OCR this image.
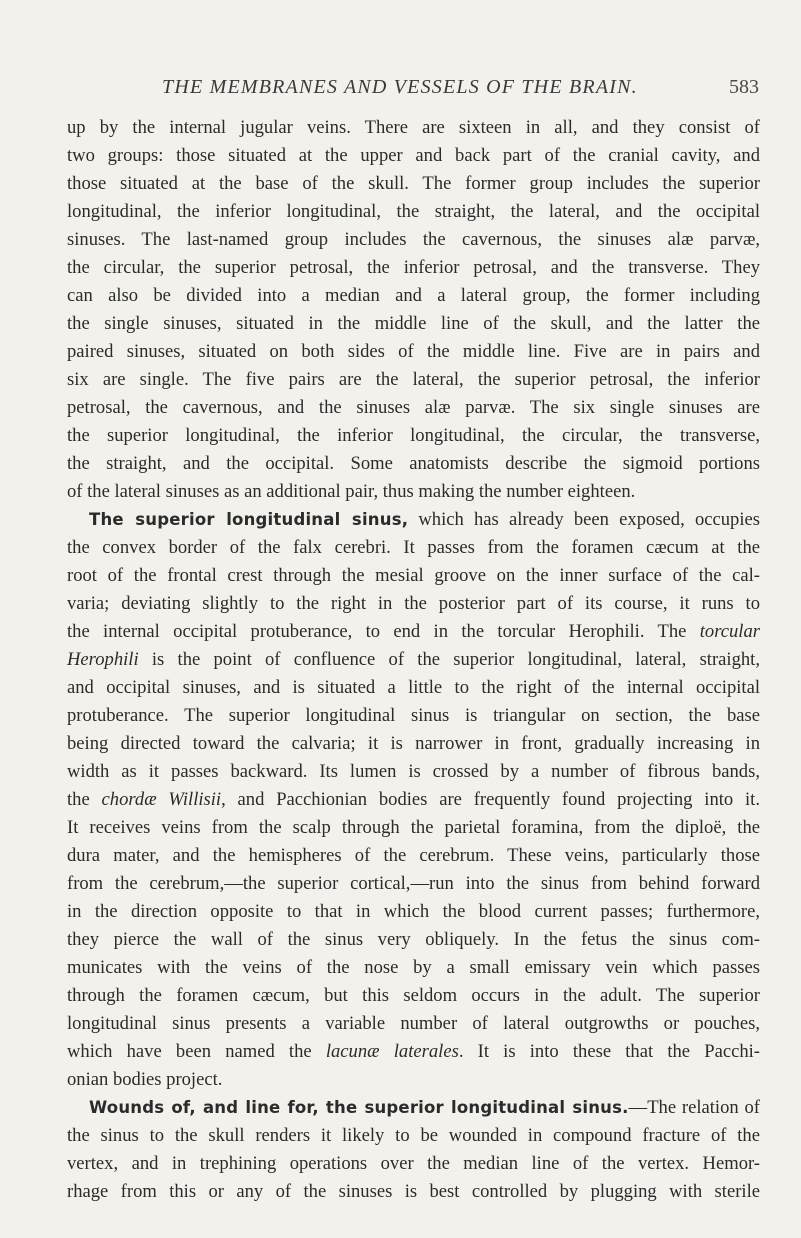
THE MEMBRANES AND VESSELS OF THE BRAIN.	583
up by the internal jugular veins. There are sixteen in all, and they consist of
two groups: those situated at the upper and back part of the cranial cavity, and
those situated at the base of the skull. The former group includes the superior
longitudinal, the inferior longitudinal, the straight, the lateral, and the occipital
sinuses. The last-named group includes the cavernous, the sinuses alæ parvæ,
the circular, the superior petrosal, the inferior petrosal, and the transverse. They
can also be divided into a median and a lateral group, the former including
the single sinuses, situated in the middle line of the skull, and the latter the
paired sinuses, situated on both sides of the middle line. Five are in pairs and
six are single. The five pairs are the lateral, the superior petrosal, the inferior
petrosal, the cavernous, and the sinuses alæ parvæ. The six single sinuses are
the superior longitudinal, the inferior longitudinal, the circular, the transverse,
the straight, and the occipital. Some anatomists describe the sigmoid portions
of the lateral sinuses as an additional pair, thus making the number eighteen.
The superior longitudinal sinus, which has already been exposed, occupies
the convex border of the falx cerebri. It passes from the foramen cæcum at the
root of the frontal crest through the mesial groove on the inner surface of the cal-
varia; deviating slightly to the right in the posterior part of its course, it runs to
the internal occipital protuberance, to end in the torcular Herophili. The torcular
Herophili is the point of confluence of the superior longitudinal, lateral, straight,
and occipital sinuses, and is situated a little to the right of the internal occipital
protuberance. The superior longitudinal sinus is triangular on section, the base
being directed toward the calvaria; it is narrower in front, gradually increasing in
width as it passes backward. Its lumen is crossed by a number of fibrous bands,
the chordæ Willisii, and Pacchionian bodies are frequently found projecting into it.
It receives veins from the scalp through the parietal foramina, from the diploë, the
dura mater, and the hemispheres of the cerebrum. These veins, particularly those
from the cerebrum,—the superior cortical,—run into the sinus from behind forward
in the direction opposite to that in which the blood current passes; furthermore,
they pierce the wall of the sinus very obliquely. In the fetus the sinus com-
municates with the veins of the nose by a small emissary vein which passes
through the foramen cæcum, but this seldom occurs in the adult. The superior
longitudinal sinus presents a variable number of lateral outgrowths or pouches,
which have been named the lacunæ laterales. It is into these that the Pacchi-
onian bodies project.
Wounds of, and line for, the superior longitudinal sinus.—The relation of
the sinus to the skull renders it likely to be wounded in compound fracture of the
vertex, and in trephining operations over the median line of the vertex. Hemor-
rhage from this or any of the sinuses is best controlled by plugging with sterile
